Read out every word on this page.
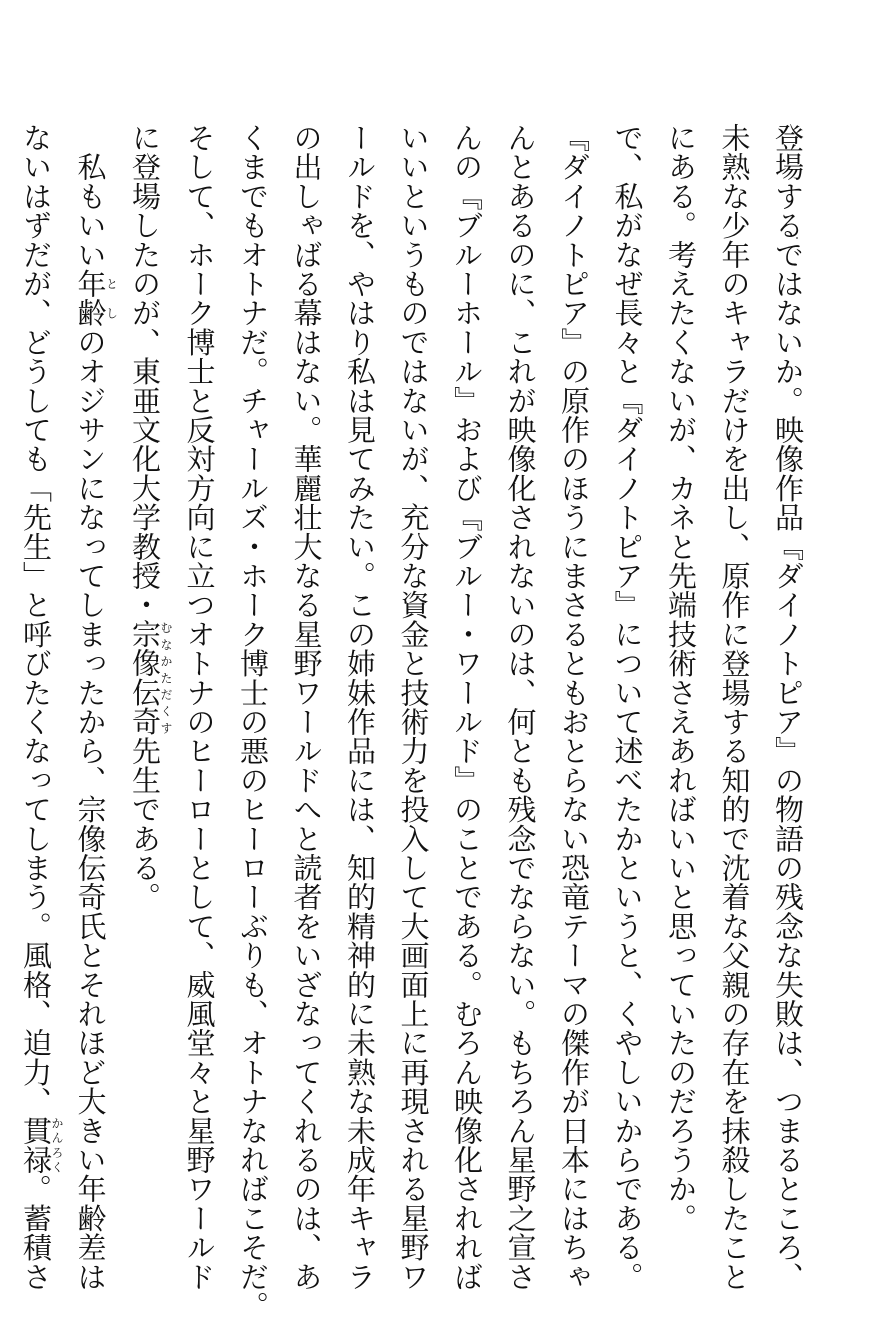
登場するではないか。映像作品『ダイノトピア』の物語の残念な失敗は、つまるところ、
未熟な少年のキャラだけを出し、原作に登場する知的で沈着な父親の存在を抹殺したこと
にある。考えたくないが、カネと先端技術さえあればいいと思っていたのだろうか。
で、私がなぜ長々と『ダイノトピア』について述べたかというと、くやしいからである。
『ダイノトピア』の原作のほうにまさるともおとらない恐竜テーマの傑作が日本にはちゃ
んとあるのに、これが映像化されないのは、何とも残念でならない。もちろん星野之宣さ
んの『ブルーホール』および『ブルー・ワールド』のことである。むろん映像化されれば
いいというものではないが、充分な資金と技術力を投入して大画面上に再現される星野ワ
ールドを、やはり私は見てみたい。この姉妹作品には、知的精神的に未熟な未成年キャラ
の出しゃばる幕はない。華麗壮大なる星野ワールドへと読者をいざなってくれるのは、あ
くまでもオトナだ。チャールズ・ホーク博士の悪のヒーローぶりも、オトナなればこそだ。
そして、ホーク博士と反対方向に立つオトナのヒーローとして、威風堂々と星野ワールド
に登場したのが、東亜文化大学教授・宗像伝奇むなかただくす先生である。
　私もいい年齢としのオジサンになってしまったから、宗像伝奇氏とそれほど大きい年齢差は
ないはずだが、どうしても「先生」と呼びたくなってしまう。風格、迫力、貫禄かんろく。蓄積さ
